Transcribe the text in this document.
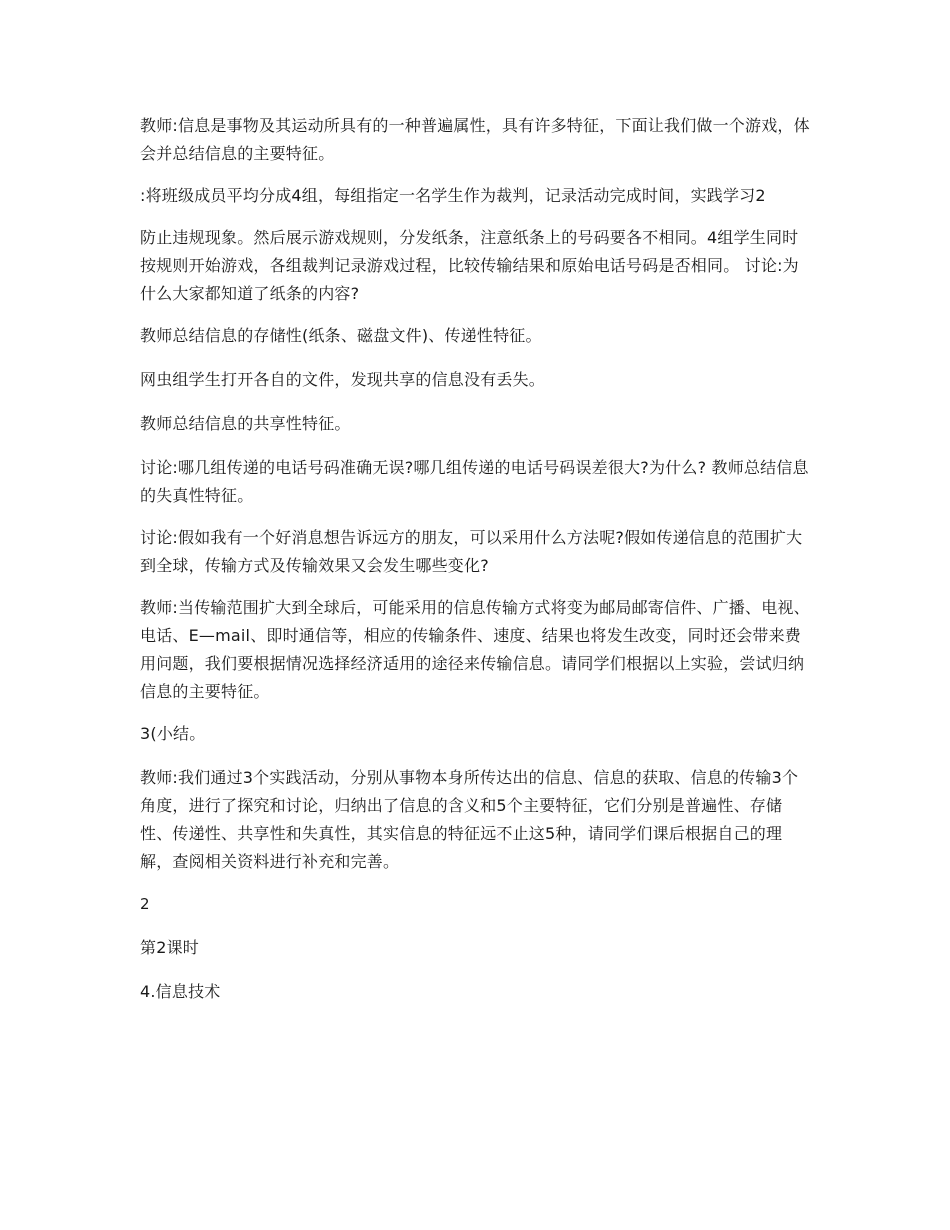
教师:信息是事物及其运动所具有的一种普遍属性，具有许多特征，下面让我们做一个游戏，体会并总结信息的主要特征。

:将班级成员平均分成4组，每组指定一名学生作为裁判，记录活动完成时间，实践学习2

防止违规现象。然后展示游戏规则，分发纸条，注意纸条上的号码要各不相同。4组学生同时按规则开始游戏，各组裁判记录游戏过程，比较传输结果和原始电话号码是否相同。 讨论:为什么大家都知道了纸条的内容?

教师总结信息的存储性(纸条、磁盘文件)、传递性特征。

网虫组学生打开各自的文件，发现共享的信息没有丢失。

教师总结信息的共享性特征。

讨论:哪几组传递的电话号码准确无误?哪几组传递的电话号码误差很大?为什么? 教师总结信息的失真性特征。

讨论:假如我有一个好消息想告诉远方的朋友，可以采用什么方法呢?假如传递信息的范围扩大到全球，传输方式及传输效果又会发生哪些变化?

教师:当传输范围扩大到全球后，可能采用的信息传输方式将变为邮局邮寄信件、广播、电视、电话、E—mail、即时通信等，相应的传输条件、速度、结果也将发生改变，同时还会带来费用问题，我们要根据情况选择经济适用的途径来传输信息。请同学们根据以上实验，尝试归纳信息的主要特征。

3(小结。

教师:我们通过3个实践活动，分别从事物本身所传达出的信息、信息的获取、信息的传输3个角度，进行了探究和讨论，归纳出了信息的含义和5个主要特征，它们分别是普遍性、存储性、传递性、共享性和失真性，其实信息的特征远不止这5种，请同学们课后根据自己的理解，查阅相关资料进行补充和完善。

2

第2课时

4.信息技术
